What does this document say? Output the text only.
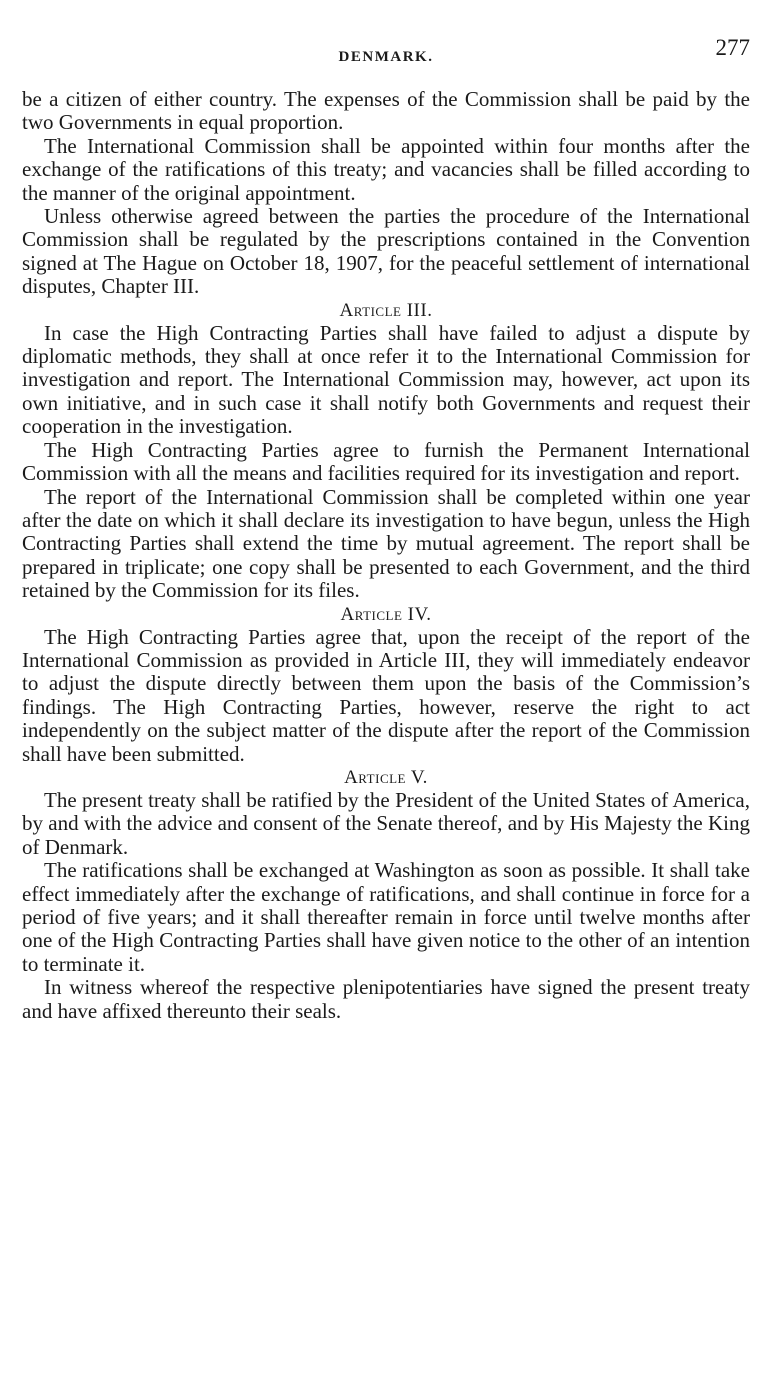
DENMARK.	277

be a citizen of either country. The expenses of the Commission shall be paid by the two Governments in equal proportion.

The International Commission shall be appointed within four months after the exchange of the ratifications of this treaty; and vacancies shall be filled according to the manner of the original appointment.

Unless otherwise agreed between the parties the procedure of the International Commission shall be regulated by the prescriptions contained in the Convention signed at The Hague on October 18, 1907, for the peaceful settlement of international disputes, Chapter III.

Article III.

In case the High Contracting Parties shall have failed to adjust a dispute by diplomatic methods, they shall at once refer it to the International Commission for investigation and report. The International Commission may, however, act upon its own initiative, and in such case it shall notify both Governments and request their cooperation in the investigation.

The High Contracting Parties agree to furnish the Permanent International Commission with all the means and facilities required for its investigation and report.

The report of the International Commission shall be completed within one year after the date on which it shall declare its investigation to have begun, unless the High Contracting Parties shall extend the time by mutual agreement. The report shall be prepared in triplicate; one copy shall be presented to each Government, and the third retained by the Commission for its files.

Article IV.

The High Contracting Parties agree that, upon the receipt of the report of the International Commission as provided in Article III, they will immediately endeavor to adjust the dispute directly between them upon the basis of the Commission’s findings. The High Contracting Parties, however, reserve the right to act independently on the subject matter of the dispute after the report of the Commission shall have been submitted.

Article V.

The present treaty shall be ratified by the President of the United States of America, by and with the advice and consent of the Senate thereof, and by His Majesty the King of Denmark.

The ratifications shall be exchanged at Washington as soon as possible. It shall take effect immediately after the exchange of ratifications, and shall continue in force for a period of five years; and it shall thereafter remain in force until twelve months after one of the High Contracting Parties shall have given notice to the other of an intention to terminate it.

In witness whereof the respective plenipotentiaries have signed the present treaty and have affixed thereunto their seals.
